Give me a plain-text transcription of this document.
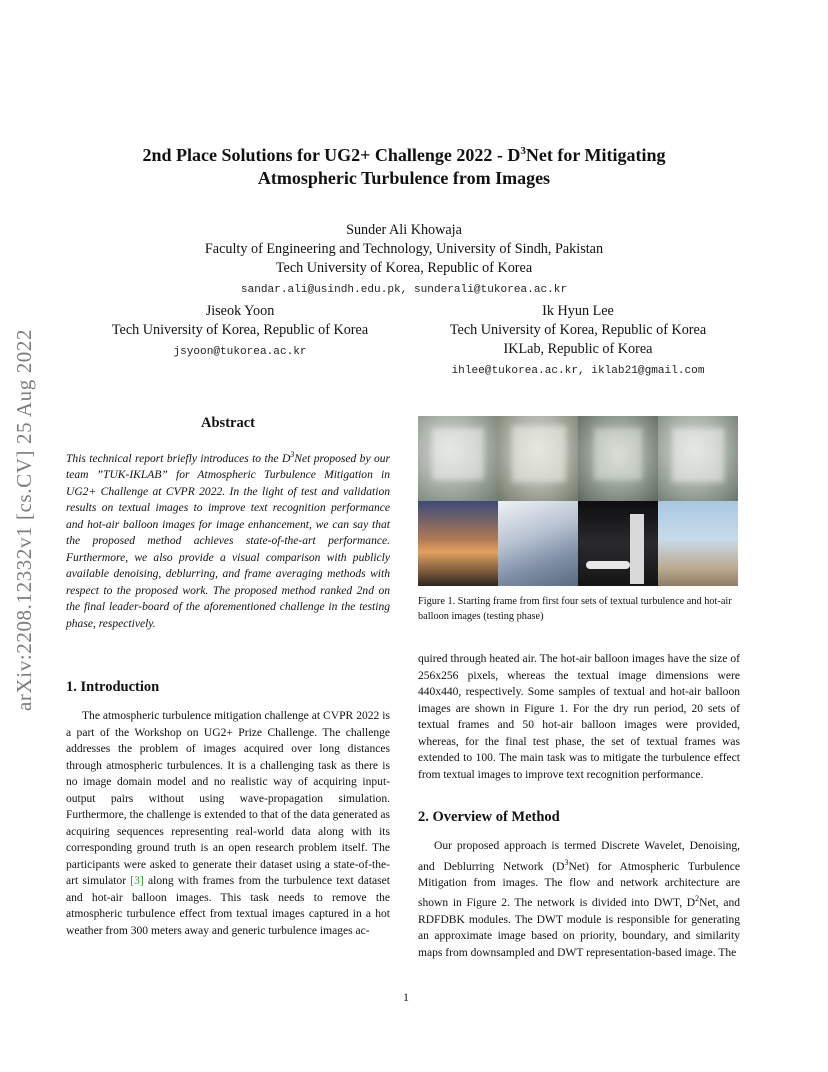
arXiv:2208.12332v1 [cs.CV] 25 Aug 2022
2nd Place Solutions for UG2+ Challenge $2022 - D^3Net$ for Mitigating
Atmospheric Turbulence from Images
Sunder Ali Khowaja
Faculty of Engineering and Technology, University of Sindh, Pakistan
Tech University of Korea, Republic of Korea
sandar.ali@usindh.edu.pk, sunderali@tukorea.ac.kr
Jiseok Yoon
Tech University of Korea, Republic of Korea
jsyoon@tukorea.ac.kr
Ik Hyun Lee
Tech University of Korea, Republic of Korea
IKLab, Republic of Korea
ihlee@tukorea.ac.kr, iklab21@gmail.com
Abstract
This technical report briefly introduces to the $D^3Net$ proposed by our team ”TUK-IKLAB” for Atmospheric Turbulence Mitigation in UG2+ Challenge at CVPR 2022. In the light of test and validation results on textual images to improve text recognition performance and hot-air balloon images for image enhancement, we can say that the proposed method achieves state-of-the-art performance. Furthermore, we also provide a visual comparison with publicly available denoising, deblurring, and frame averaging methods with respect to the proposed work. The proposed method ranked 2nd on the final leader-board of the aforementioned challenge in the testing phase, respectively.
1. Introduction
The atmospheric turbulence mitigation challenge at CVPR 2022 is a part of the Workshop on UG2+ Prize Challenge. The challenge addresses the problem of images acquired over long distances through atmospheric turbulences. It is a challenging task as there is no image domain model and no realistic way of acquiring input-output pairs without using wave-propagation simulation. Furthermore, the challenge is extended to that of the data generated as acquiring sequences representing real-world data along with its corresponding ground truth is an open research problem itself. The participants were asked to generate their dataset using a state-of-the-art simulator [3] along with frames from the turbulence text dataset and hot-air balloon images. This task needs to remove the atmospheric turbulence effect from textual images captured in a hot weather from 300 meters away and generic turbulence images ac-
Figure 1. Starting frame from first four sets of textual turbulence and hot-air balloon images (testing phase)
quired through heated air. The hot-air balloon images have the size of 256x256 pixels, whereas the textual image dimensions were 440x440, respectively. Some samples of textual and hot-air balloon images are shown in Figure 1. For the dry run period, 20 sets of textual frames and 50 hot-air balloon images were provided, whereas, for the final test phase, the set of textual frames was extended to 100. The main task was to mitigate the turbulence effect from textual images to improve text recognition performance.
2. Overview of Method
Our proposed approach is termed Discrete Wavelet, Denoising, and Deblurring Network $(D^3Net)$ for Atmospheric Turbulence Mitigation from images. The flow and network architecture are shown in Figure 2. The network is divided into DWT, $D^2Net$, and RDFDBK modules. The DWT module is responsible for generating an approximate image based on priority, boundary, and similarity maps from downsampled and DWT representation-based image. The
1
